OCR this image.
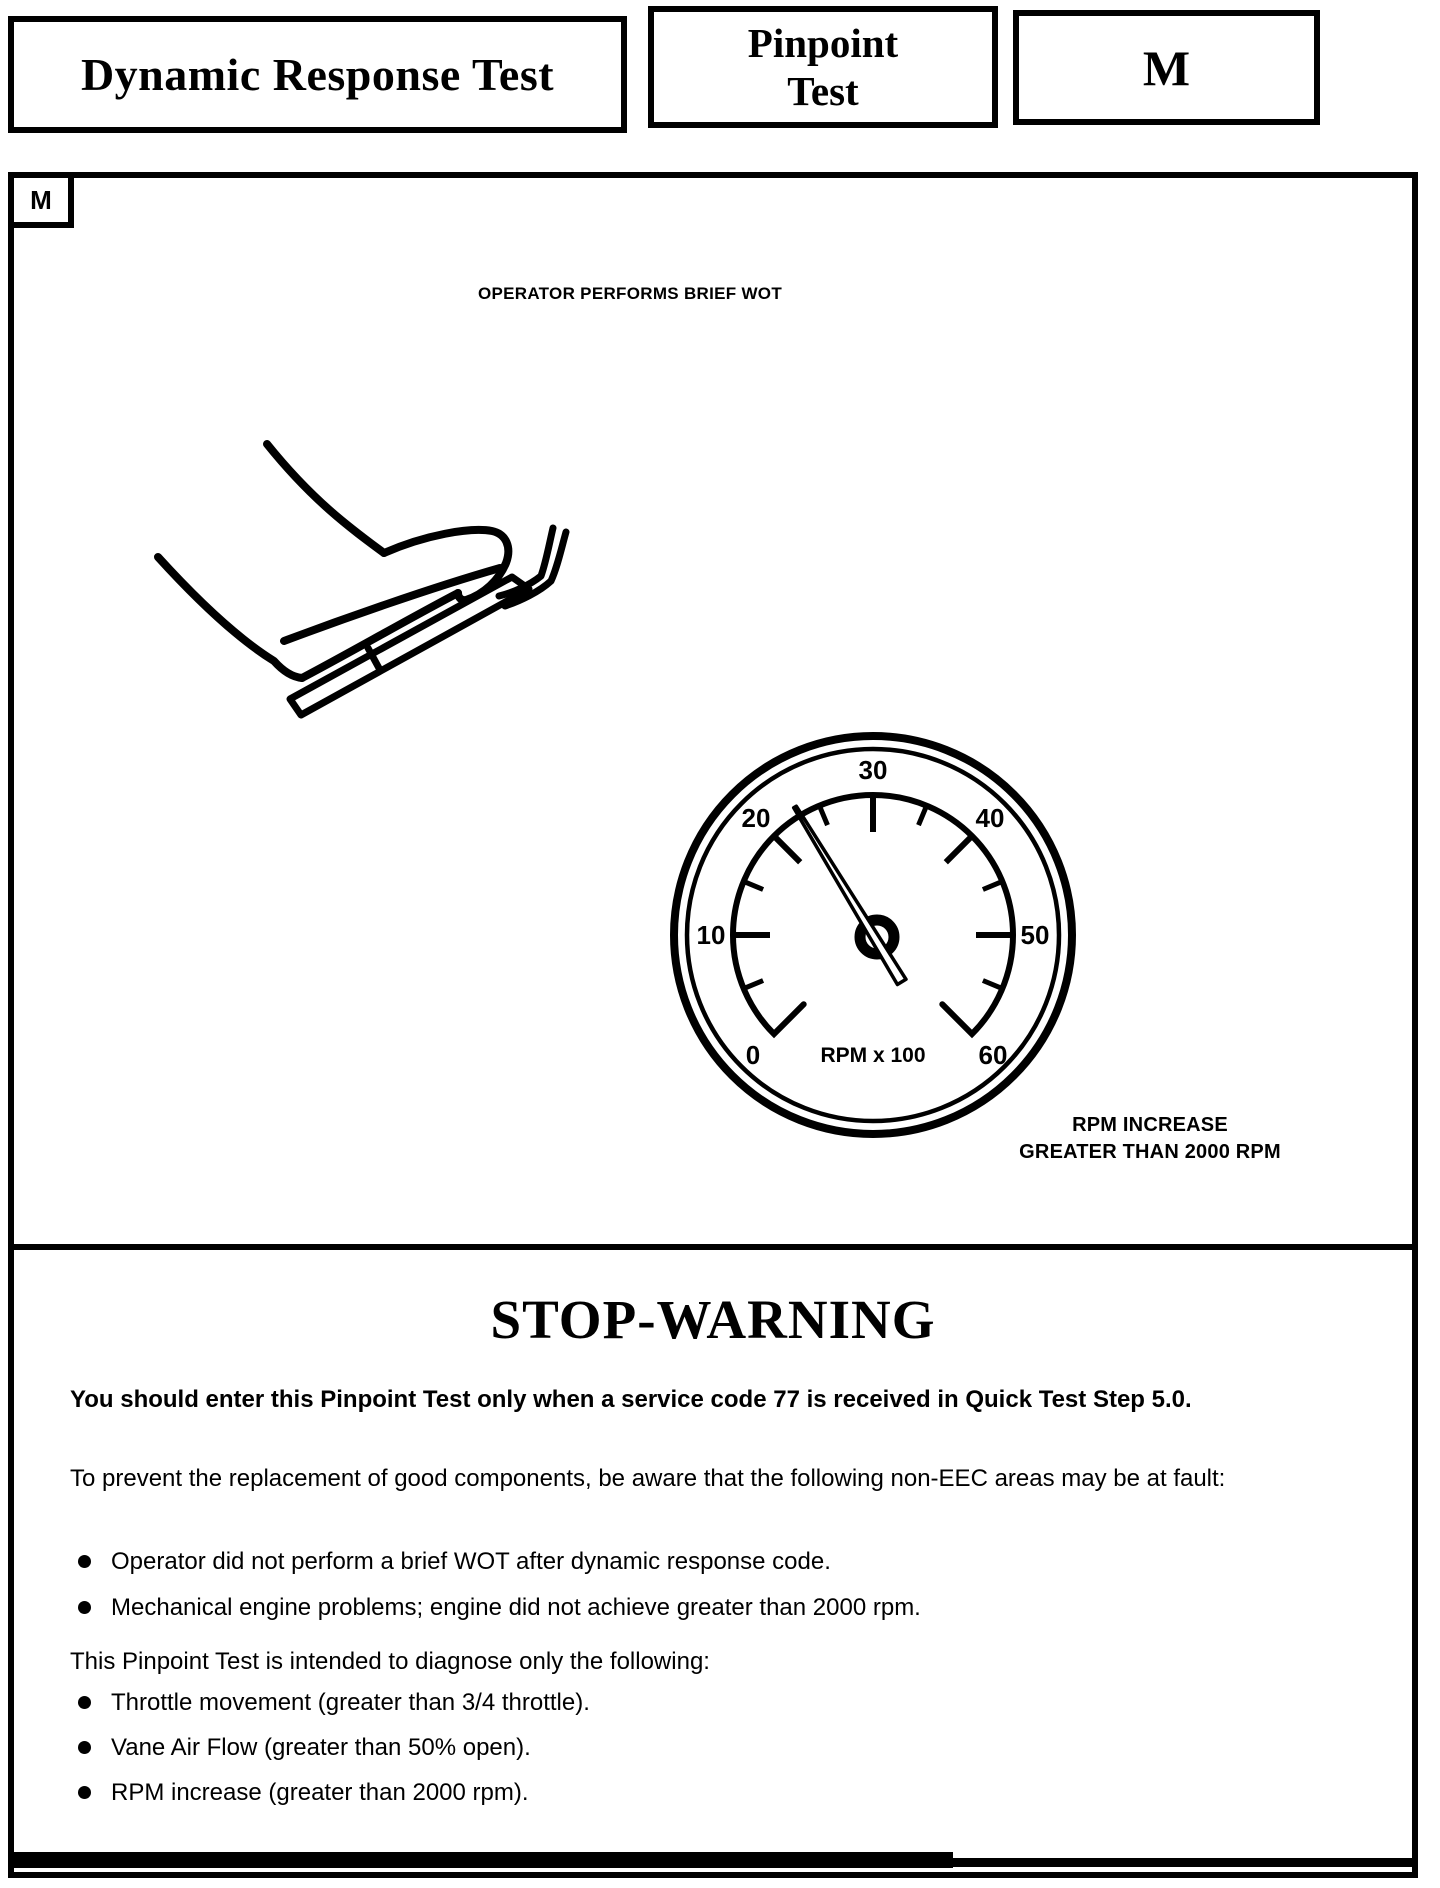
Dynamic Response Test
Pinpoint
Test	M
M
OPERATOR PERFORMS BRIEF WOT
0
10
20
30
40
50
60
RPM x 100
RPM INCREASE
GREATER THAN 2000 RPM
STOP-WARNING
You should enter this Pinpoint Test only when a service code 77 is received in Quick Test Step 5.0.
To prevent the replacement of good components, be aware that the following non-EEC areas may be at fault:
Operator did not perform a brief WOT after dynamic response code.
Mechanical engine problems; engine did not achieve greater than 2000 rpm.
This Pinpoint Test is intended to diagnose only the following:
Throttle movement (greater than 3/4 throttle).
Vane Air Flow (greater than 50% open).
RPM increase (greater than 2000 rpm).
